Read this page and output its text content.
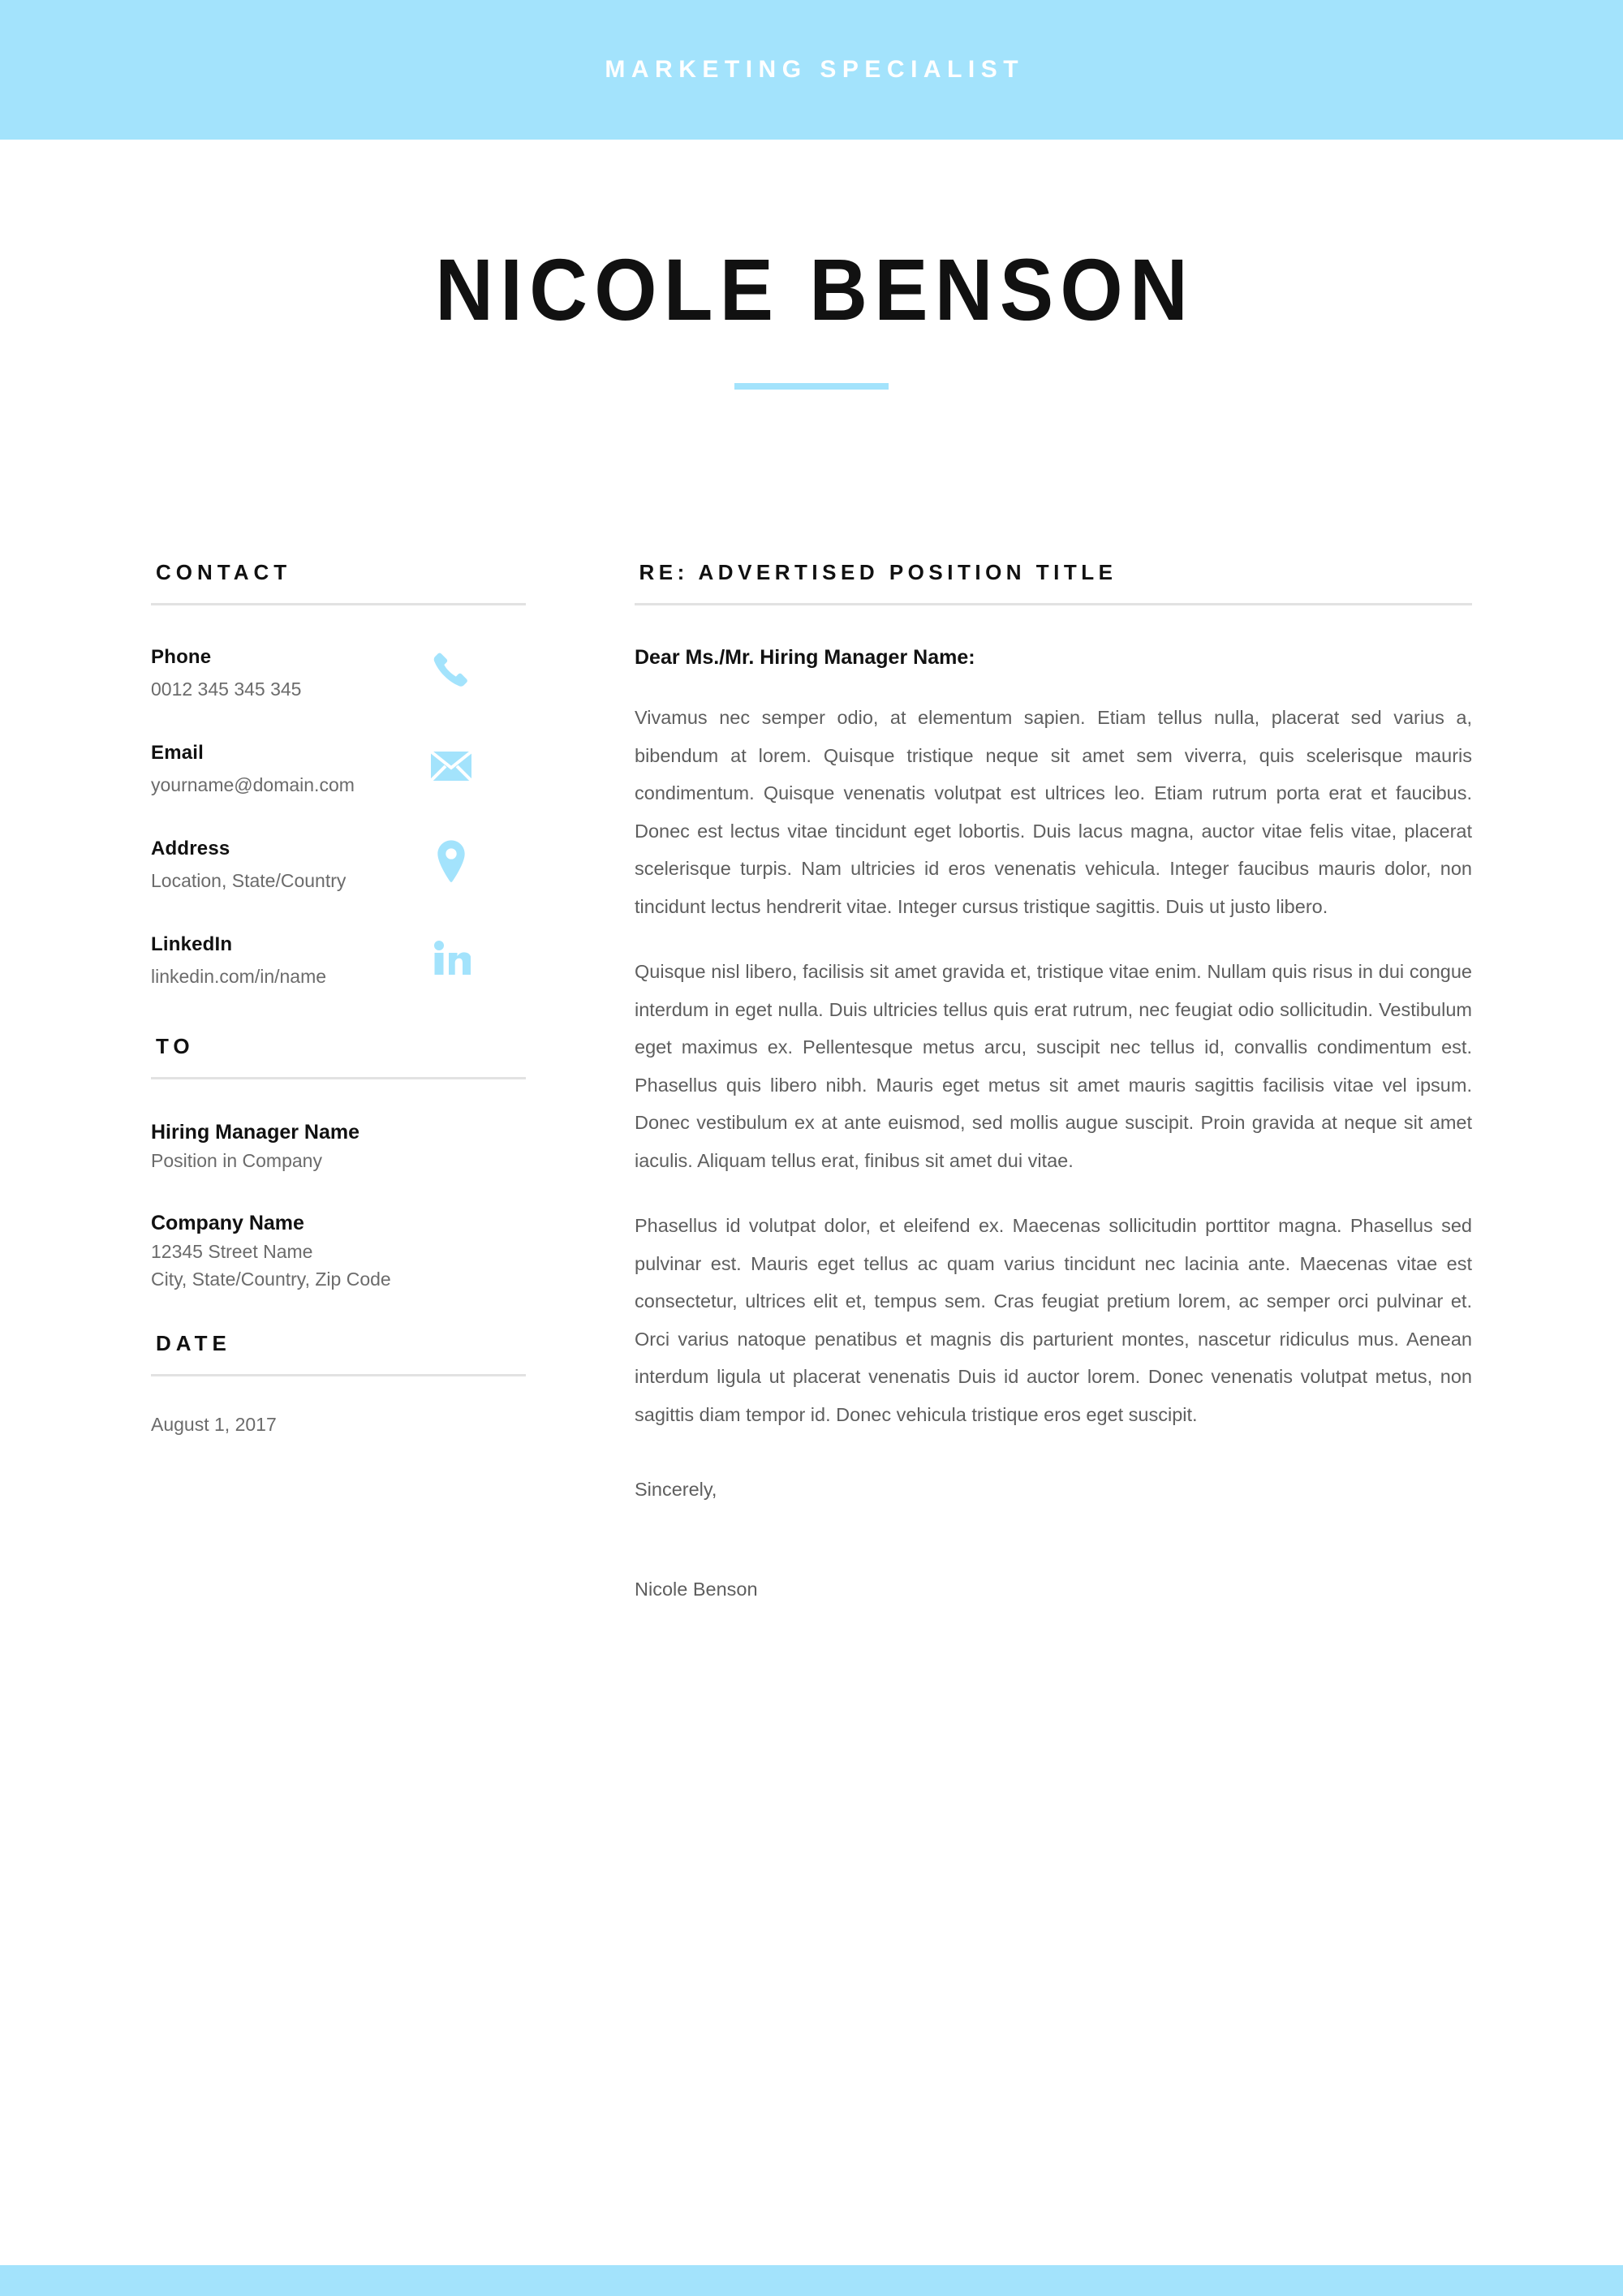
MARKETING SPECIALIST
NICOLE BENSON
CONTACT
Phone
0012 345 345 345
Email
yourname@domain.com
Address
Location, State/Country
LinkedIn
linkedin.com/in/name
TO
Hiring Manager Name
Position in Company
Company Name
12345 Street Name
City, State/Country, Zip Code
DATE
August 1, 2017
RE: ADVERTISED POSITION TITLE
Dear Ms./Mr. Hiring Manager Name:

Vivamus nec semper odio, at elementum sapien. Etiam tellus nulla, placerat sed varius a, bibendum at lorem. Quisque tristique neque sit amet sem viverra, quis scelerisque mauris condimentum. Quisque venenatis volutpat est ultrices leo. Etiam rutrum porta erat et faucibus. Donec est lectus vitae tincidunt eget lobortis. Duis lacus magna, auctor vitae felis vitae, placerat scelerisque turpis. Nam ultricies id eros venenatis vehicula. Integer faucibus mauris dolor, non tincidunt lectus hendrerit vitae. Integer cursus tristique sagittis. Duis ut justo libero.

Quisque nisl libero, facilisis sit amet gravida et, tristique vitae enim. Nullam quis risus in dui congue interdum in eget nulla. Duis ultricies tellus quis erat rutrum, nec feugiat odio sollicitudin. Vestibulum eget maximus ex. Pellentesque metus arcu, suscipit nec tellus id, convallis condimentum est. Phasellus quis libero nibh. Mauris eget metus sit amet mauris sagittis facilisis vitae vel ipsum. Donec vestibulum ex at ante euismod, sed mollis augue suscipit. Proin gravida at neque sit amet iaculis. Aliquam tellus erat, finibus sit amet dui vitae.

Phasellus id volutpat dolor, et eleifend ex. Maecenas sollicitudin porttitor magna. Phasellus sed pulvinar est. Mauris eget tellus ac quam varius tincidunt nec lacinia ante. Maecenas vitae est consectetur, ultrices elit et, tempus sem. Cras feugiat pretium lorem, ac semper orci pulvinar et. Orci varius natoque penatibus et magnis dis parturient montes, nascetur ridiculus mus. Aenean interdum ligula ut placerat venenatis Duis id auctor lorem. Donec venenatis volutpat metus, non sagittis diam tempor id. Donec vehicula tristique eros eget suscipit.

Sincerely,
Nicole Benson
